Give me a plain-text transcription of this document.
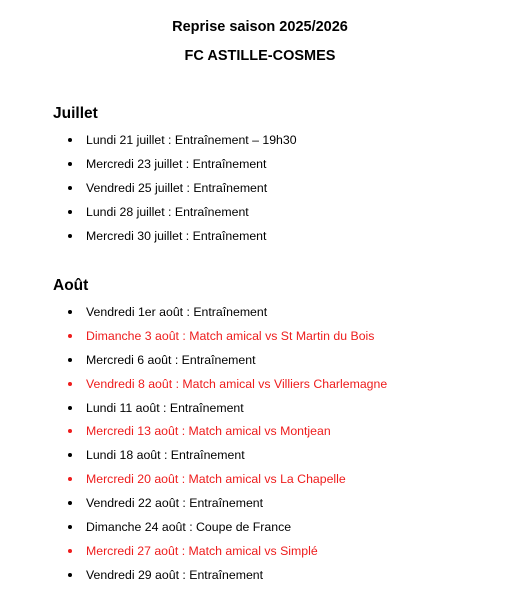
Reprise saison 2025/2026
FC ASTILLE-COSMES
Juillet
Lundi 21 juillet : Entraînement – 19h30
Mercredi 23 juillet : Entraînement
Vendredi 25 juillet : Entraînement
Lundi 28 juillet : Entraînement
Mercredi 30 juillet : Entraînement
Août
Vendredi 1er août : Entraînement
Dimanche 3 août : Match amical vs St Martin du Bois
Mercredi 6 août : Entraînement
Vendredi 8 août : Match amical vs Villiers Charlemagne
Lundi 11 août : Entraînement
Mercredi 13 août : Match amical vs Montjean
Lundi 18 août : Entraînement
Mercredi 20 août : Match amical vs La Chapelle
Vendredi 22 août : Entraînement
Dimanche 24 août : Coupe de France
Mercredi 27 août : Match amical vs Simplé
Vendredi 29 août : Entraînement
